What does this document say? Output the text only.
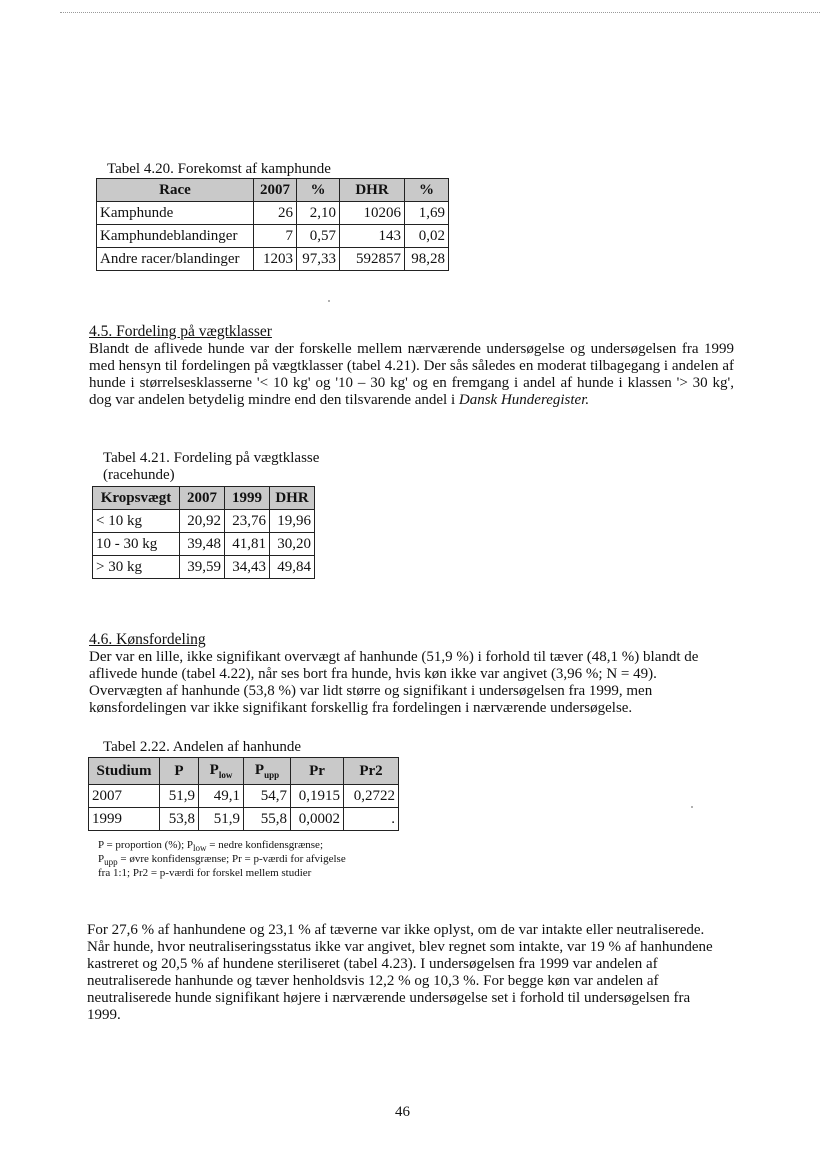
Tabel 4.20. Forekomst af kamphunde

Race	2007	%	DHR	%
Kamphunde	26	2,10	10206	1,69
Kamphundeblandinger	7	0,57	143	0,02
Andre racer/blandinger	1203	97,33	592857	98,28

4.5. Fordeling på vægtklasser

Blandt de aflivede hunde var der forskelle mellem nærværende undersøgelse og undersøgelsen fra 1999 med hensyn til fordelingen på vægtklasser (tabel 4.21). Der sås således en moderat tilbagegang i andelen af hunde i størrelsesklasserne '< 10 kg' og '10 – 30 kg' og en fremgang i andel af hunde i klassen '> 30 kg', dog var andelen betydelig mindre end den tilsvarende andel i Dansk Hunderegister.

Tabel 4.21. Fordeling på vægtklasse

(racehunde)

Kropsvægt	2007	1999	DHR
< 10 kg	20,92	23,76	19,96
10 - 30 kg	39,48	41,81	30,20
> 30 kg	39,59	34,43	49,84

4.6. Kønsfordeling

Der var en lille, ikke signifikant overvægt af hanhunde (51,9 %) i forhold til tæver (48,1 %) blandt de aflivede hunde (tabel 4.22), når ses bort fra hunde, hvis køn ikke var angivet (3,96 %; N = 49). Overvægten af hanhunde (53,8 %) var lidt større og signifikant i undersøgelsen fra 1999, men kønsfordelingen var ikke signifikant forskellig fra fordelingen i nærværende undersøgelse.

Tabel 2.22. Andelen af hanhunde

Studium	P	$P_{low}$	$P_{upp}$	Pr	Pr2
2007	51,9	49,1	54,7	0,1915	0,2722
1999	53,8	51,9	55,8	0,0002	.

P = proportion (%); $P_{low}$ = nedre konfidensgrænse;

$P_{upp}$ = øvre konfidensgrænse; Pr = p-værdi for afvigelse

fra 1:1; Pr2 = p-værdi for forskel mellem studier

For 27,6 % af hanhundene og 23,1 % af tæverne var ikke oplyst, om de var intakte eller neutraliserede. Når hunde, hvor neutraliseringsstatus ikke var angivet, blev regnet som intakte, var 19 % af hanhundene kastreret og 20,5 % af hundene steriliseret (tabel 4.23). I undersøgelsen fra 1999 var andelen af neutraliserede hanhunde og tæver henholdsvis 12,2 % og 10,3 %. For begge køn var andelen af neutraliserede hunde signifikant højere i nærværende undersøgelse set i forhold til undersøgelsen fra 1999.

46
